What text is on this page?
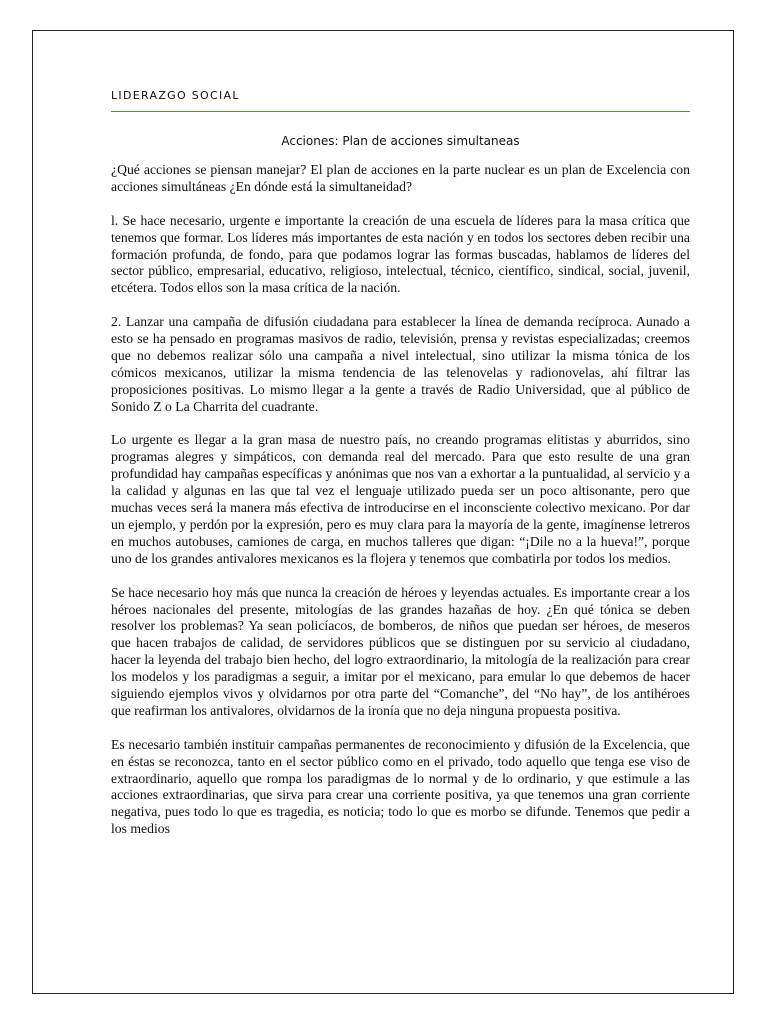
LIDERAZGO SOCIAL
Acciones: Plan de acciones simultaneas

¿Qué acciones se piensan manejar? El plan de acciones en la parte nuclear es un plan de Excelencia con acciones simultáneas ¿En dónde está la simultaneidad?

l. Se hace necesario, urgente e importante la creación de una escuela de líderes para la masa crítica que tenemos que formar. Los líderes más importantes de esta nación y en todos los sectores deben recibir una formación profunda, de fondo, para que podamos lograr las formas buscadas, hablamos de líderes del sector público, empresarial, educativo, religioso, intelectual, técnico, científico, sindical, social, juvenil, etcétera. Todos ellos son la masa crítica de la nación.

2. Lanzar una campaña de difusión ciudadana para establecer la línea de demanda recíproca. Aunado a esto se ha pensado en programas masivos de radio, televisión, prensa y revistas especializadas; creemos que no debemos realizar sólo una campaña a nivel intelectual, sino utilizar la misma tónica de los cómicos mexicanos, utilizar la misma tendencia de las telenovelas y radionovelas, ahí filtrar las proposiciones positivas. Lo mismo llegar a la gente a través de Radio Universidad, que al público de Sonido Z o La Charrita del cuadrante.

Lo urgente es llegar a la gran masa de nuestro país, no creando programas elitistas y aburridos, sino programas alegres y simpáticos, con demanda real del mercado. Para que esto resulte de una gran profundidad hay campañas específicas y anónimas que nos van a exhortar a la puntualidad, al servicio y a la calidad y algunas en las que tal vez el lenguaje utilizado pueda ser un poco altisonante, pero que muchas veces será la manera más efectiva de introducirse en el inconsciente colectivo mexicano. Por dar un ejemplo, y perdón por la expresión, pero es muy clara para la mayoría de la gente, imagínense letreros en muchos autobuses, camiones de carga, en muchos talleres que digan: “¡Dile no a la hueva!”, porque uno de los grandes antivalores mexicanos es la flojera y tenemos que combatirla por todos los medios.

Se hace necesario hoy más que nunca la creación de héroes y leyendas actuales. Es importante crear a los héroes nacionales del presente, mitologías de las grandes hazañas de hoy. ¿En qué tónica se deben resolver los problemas? Ya sean policíacos, de bomberos, de niños que puedan ser héroes, de meseros que hacen trabajos de calidad, de servidores públicos que se distinguen por su servicio al ciudadano, hacer la leyenda del trabajo bien hecho, del logro extraordinario, la mitología de la realización para crear los modelos y los paradigmas a seguir, a imitar por el mexicano, para emular lo que debemos de hacer siguiendo ejemplos vivos y olvidarnos por otra parte del “Comanche”, del “No hay”, de los antihéroes que reafirman los antivalores, olvidarnos de la ironía que no deja ninguna propuesta positiva.

Es necesario también instituir campañas permanentes de reconocimiento y difusión de la Excelencia, que en éstas se reconozca, tanto en el sector público como en el privado, todo aquello que tenga ese viso de extraordinario, aquello que rompa los paradigmas de lo normal y de lo ordinario, y que estimule a las acciones extraordinarias, que sirva para crear una corriente positiva, ya que tenemos una gran corriente negativa, pues todo lo que es tragedia, es noticia; todo lo que es morbo se difunde. Tenemos que pedir a los medios
